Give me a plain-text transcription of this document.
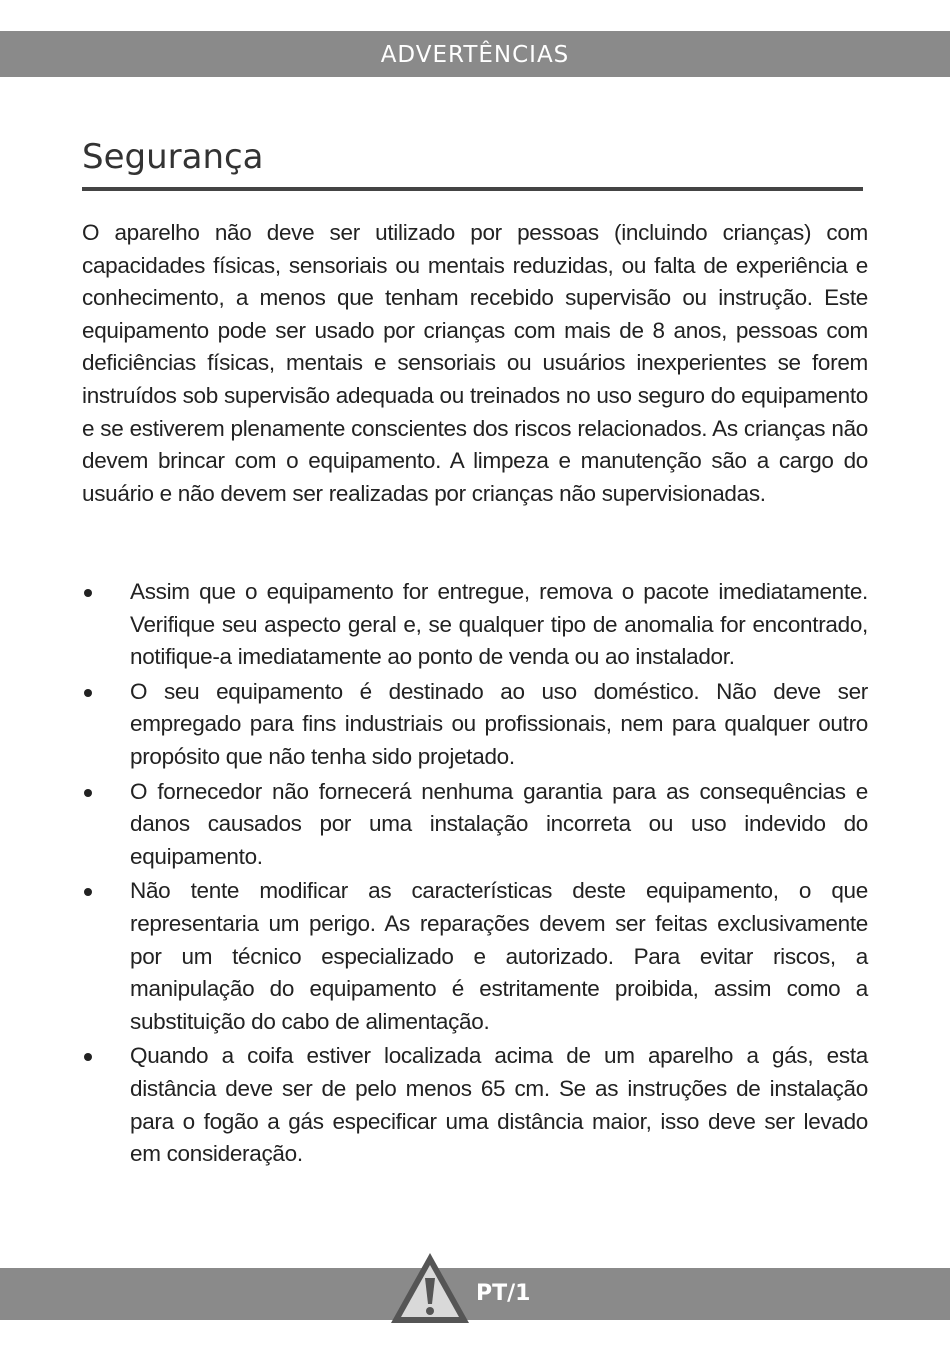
ADVERTÊNCIAS
Segurança

O aparelho não deve ser utilizado por pessoas (incluindo crianças) com capacidades físicas, sensoriais ou mentais reduzidas, ou falta de experiência e conhecimento, a menos que tenham recebido supervisão ou instrução. Este equipamento pode ser usado por crianças com mais de 8 anos, pessoas com deficiências físicas, mentais e sensoriais ou usuários inexperientes se forem instruídos sob supervisão adequada ou treinados no uso seguro do equipamento e se estiverem plenamente conscientes dos riscos relacionados. As crianças não devem brincar com o equipamento. A limpeza e manutenção são a cargo do usuário e não devem ser realizadas por crianças não supervisionadas.

Assim que o equipamento for entregue, remova o pacote imediatamente. Verifique seu aspecto geral e, se qualquer tipo de anomalia for encontrado, notifique-a imediatamente ao ponto de venda ou ao instalador.
O seu equipamento é destinado ao uso doméstico. Não deve ser empregado para fins industriais ou profissionais, nem para qualquer outro propósito que não tenha sido projetado.
O fornecedor não fornecerá nenhuma garantia para as consequências e danos causados por uma instalação incorreta ou uso indevido do equipamento.
Não tente modificar as características deste equipamento, o que representaria um perigo. As reparações devem ser feitas exclusivamente por um técnico especializado e autorizado. Para evitar riscos, a manipulação do equipamento é estritamente proibida, assim como a substituição do cabo de alimentação.
Quando a coifa estiver localizada acima de um aparelho a gás, esta distância deve ser de pelo menos 65 cm. Se as instruções de instalação para o fogão a gás especificar uma distância maior, isso deve ser levado em consideração.
PT/1
